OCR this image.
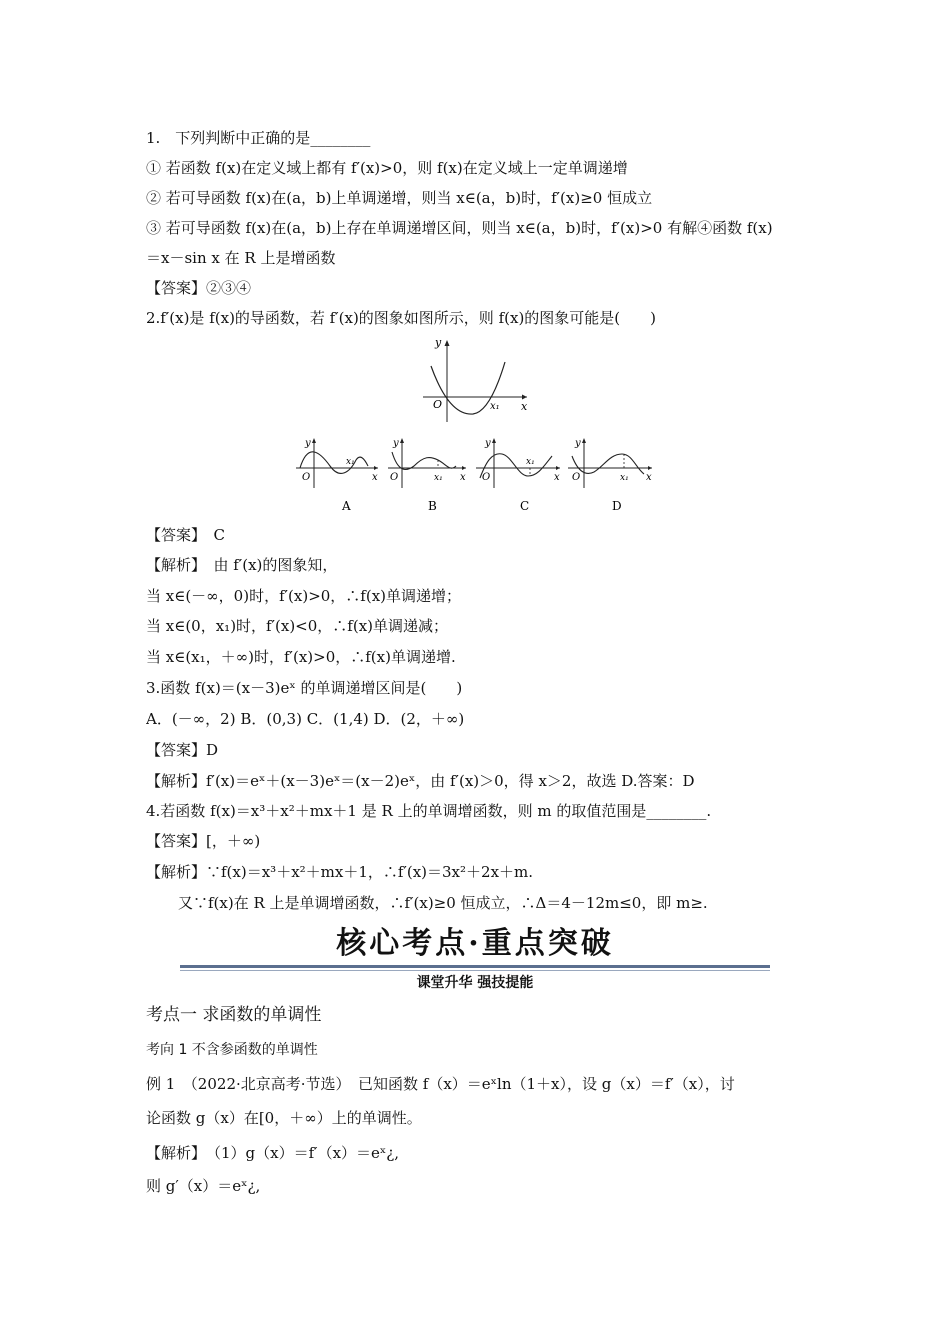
1.　下列判断中正确的是________
① 若函数 f(x)在定义域上都有 f′(x)>0，则 f(x)在定义域上一定单调递增
② 若可导函数 f(x)在(a，b)上单调递增，则当 x∈(a，b)时，f′(x)≥0 恒成立
③ 若可导函数 f(x)在(a，b)上存在单调递增区间，则当 x∈(a，b)时，f′(x)>0 有解④函数 f(x)
＝x－sin x 在 R 上是增函数
【答案】②③④
2.f′(x)是 f(x)的导函数，若 f′(x)的图象如图所示，则 f(x)的图象可能是(　　)
y
O	x₁ x
y
O
x₁
x
y
O	x₁ x
y
O
x₁
x
y
O	x₁ x
A	B	C	D
【答案】　C
【解析】　由 f′(x)的图象知，
当 x∈(－∞，0)时，f′(x)>0，∴f(x)单调递增；
当 x∈(0，x₁)时，f′(x)<0，∴f(x)单调递减；
当 x∈(x₁，＋∞)时，f′(x)>0，∴f(x)单调递增.
3.函数 f(x)＝(x－3)eˣ 的单调递增区间是(　　)
A．(－∞，2) B．(0,3) C．(1,4) D．(2，＋∞)
【答案】D
【解析】f′(x)＝eˣ＋(x－3)eˣ＝(x－2)eˣ，由 f′(x)＞0，得 x＞2，故选 D.答案：D
4.若函数 f(x)＝x³＋x²＋mx＋1 是 R 上的单调增函数，则 m 的取值范围是________.
【答案】[，＋∞)
【解析】∵f(x)＝x³＋x²＋mx＋1，∴f′(x)＝3x²＋2x＋m.
又∵f(x)在 R 上是单调增函数，∴f′(x)≥0 恒成立，∴Δ＝4－12m≤0，即 m≥.
核心考点·重点突破
课堂升华 强技提能
考点一 求函数的单调性
考向 1 不含参函数的单调性
例 1　（2022·北京高考·节选）　已知函数 f（x）＝eˣln（1＋x），设 g（x）＝f′（x），讨
论函数 g（x）在[0，＋∞）上的单调性。
【解析】　（1）g（x）＝f′（x）＝eˣ¿,
则 g′（x）＝eˣ¿,
